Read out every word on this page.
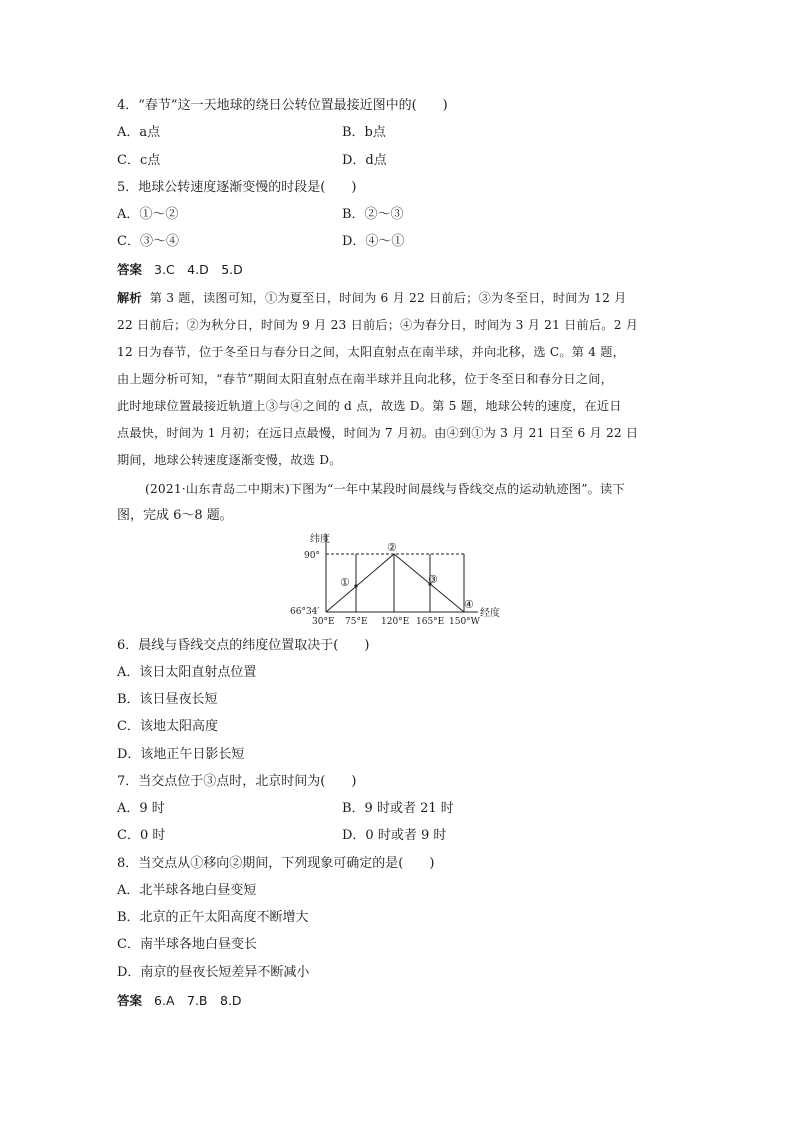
4．“春节”这一天地球的绕日公转位置最接近图中的(　　)
A．a点	B．b点
C．c点	D．d点
5．地球公转速度逐渐变慢的时段是(　　)
A．①～②	B．②～③
C．③～④	D．④～①
答案 3.C　4.D　5.D
解析 第 3 题，读图可知，①为夏至日，时间为 6 月 22 日前后；③为冬至日，时间为 12 月
22 日前后；②为秋分日，时间为 9 月 23 日前后；④为春分日，时间为 3 月 21 日前后。2 月
12 日为春节，位于冬至日与春分日之间，太阳直射点在南半球，并向北移，选 C。第 4 题，
由上题分析可知，“春节”期间太阳直射点在南半球并且向北移，位于冬至日和春分日之间，
此时地球位置最接近轨道上③与④之间的 d 点，故选 D。第 5 题，地球公转的速度，在近日
点最快，时间为 1 月初；在远日点最慢，时间为 7 月初。由④到①为 3 月 21 日至 6 月 22 日
期间，地球公转速度逐渐变慢，故选 D。
(2021·山东青岛二中期末)下图为“一年中某段时间晨线与昏线交点的运动轨迹图”。读下
图，完成 6～8 题。
纬度
经度
90°
66°34′
30°E 75°E 120°E 165°E 150°W
①
②
③
④
6．晨线与昏线交点的纬度位置取决于(　　)
A．该日太阳直射点位置
B．该日昼夜长短
C．该地太阳高度
D．该地正午日影长短
7．当交点位于③点时，北京时间为(　　)
A．9 时	B．9 时或者 21 时
C．0 时	D．0 时或者 9 时
8．当交点从①移向②期间，下列现象可确定的是(　　)
A．北半球各地白昼变短
B．北京的正午太阳高度不断增大
C．南半球各地白昼变长
D．南京的昼夜长短差异不断减小
答案 6.A　7.B　8.D
